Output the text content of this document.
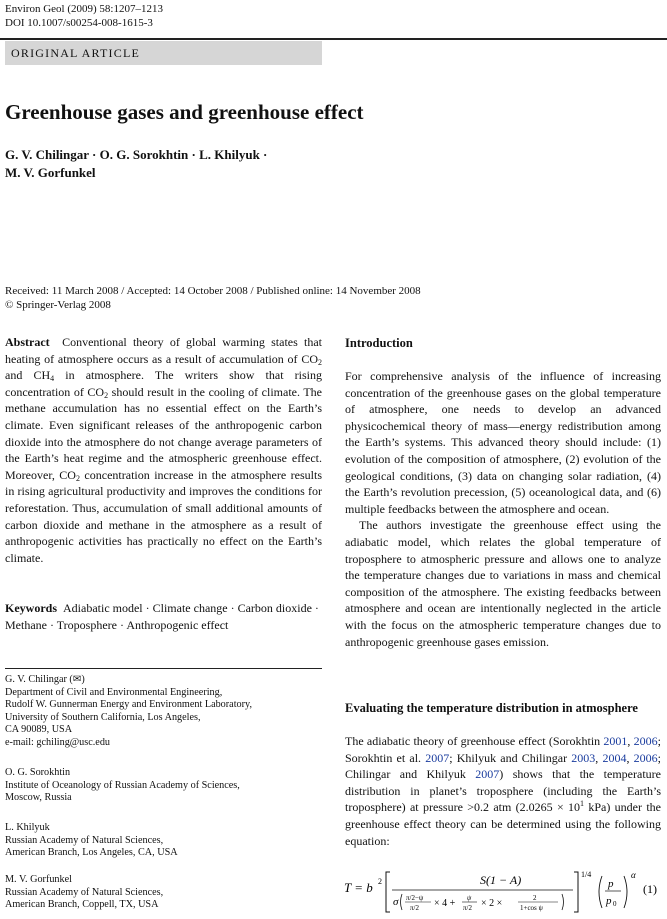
Environ Geol (2009) 58:1207–1213
DOI 10.1007/s00254-008-1615-3
ORIGINAL ARTICLE
Greenhouse gases and greenhouse effect
G. V. Chilingar · O. G. Sorokhtin · L. Khilyuk ·
M. V. Gorfunkel
Received: 11 March 2008 / Accepted: 14 October 2008 / Published online: 14 November 2008
© Springer-Verlag 2008
Abstract Conventional theory of global warming states that heating of atmosphere occurs as a result of accumulation of $CO_2$ and $CH_4$ in atmosphere. The writers show that rising concentration of $CO_2$ should result in the cooling of climate. The methane accumulation has no essential effect on the Earth’s climate. Even significant releases of the anthropogenic carbon dioxide into the atmosphere do not change average parameters of the Earth’s heat regime and the atmospheric greenhouse effect. Moreover, $CO_2$ concentration increase in the atmosphere results in rising agricultural productivity and improves the conditions for reforestation. Thus, accumulation of small additional amounts of carbon dioxide and methane in the atmosphere as a result of anthropogenic activities has practically no effect on the Earth’s climate.
Keywords Adiabatic model · Climate change · Carbon dioxide · Methane · Troposphere · Anthropogenic effect
G. V. Chilingar (✉)
Department of Civil and Environmental Engineering,
Rudolf W. Gunnerman Energy and Environment Laboratory,
University of Southern California, Los Angeles,
CA 90089, USA
e-mail: gchiling@usc.edu
O. G. Sorokhtin
Institute of Oceanology of Russian Academy of Sciences,
Moscow, Russia
L. Khilyuk
Russian Academy of Natural Sciences,
American Branch, Los Angeles, CA, USA
M. V. Gorfunkel
Russian Academy of Natural Sciences,
American Branch, Coppell, TX, USA
Introduction
For comprehensive analysis of the influence of increasing concentration of the greenhouse gases on the global temperature of atmosphere, one needs to develop an advanced physicochemical theory of mass—energy redistribution among the Earth’s systems. This advanced theory should include: (1) evolution of the composition of atmosphere, (2) evolution of the geological conditions, (3) data on changing solar radiation, (4) the Earth’s revolution precession, (5) oceanological data, and (6) multiple feedbacks between the atmosphere and ocean.
The authors investigate the greenhouse effect using the adiabatic model, which relates the global temperature of troposphere to atmospheric pressure and allows one to analyze the temperature changes due to variations in mass and chemical composition of the atmosphere. The existing feedbacks between atmosphere and ocean are intentionally neglected in the article with the focus on the atmospheric temperature changes due to anthropogenic greenhouse gases emission.
Evaluating the temperature distribution in atmosphere
The adiabatic theory of greenhouse effect (Sorokhtin 2001, 2006; Sorokhtin et al. 2007; Khilyuk and Chilingar 2003, 2004, 2006; Chilingar and Khilyuk 2007) shows that the temperature distribution in planet’s troposphere (including the Earth’s troposphere) at pressure >0.2 atm ($2.0265 \times 10^1$ kPa) under the greenhouse effect theory can be determined using the following equation:
T = b 2	S(1 − A)
σ π/2−ψ
π/2 × 4 + ψ
π/2 × 2 ×	2
1+cos ψ
1/4
p
p 0
α
(1)
